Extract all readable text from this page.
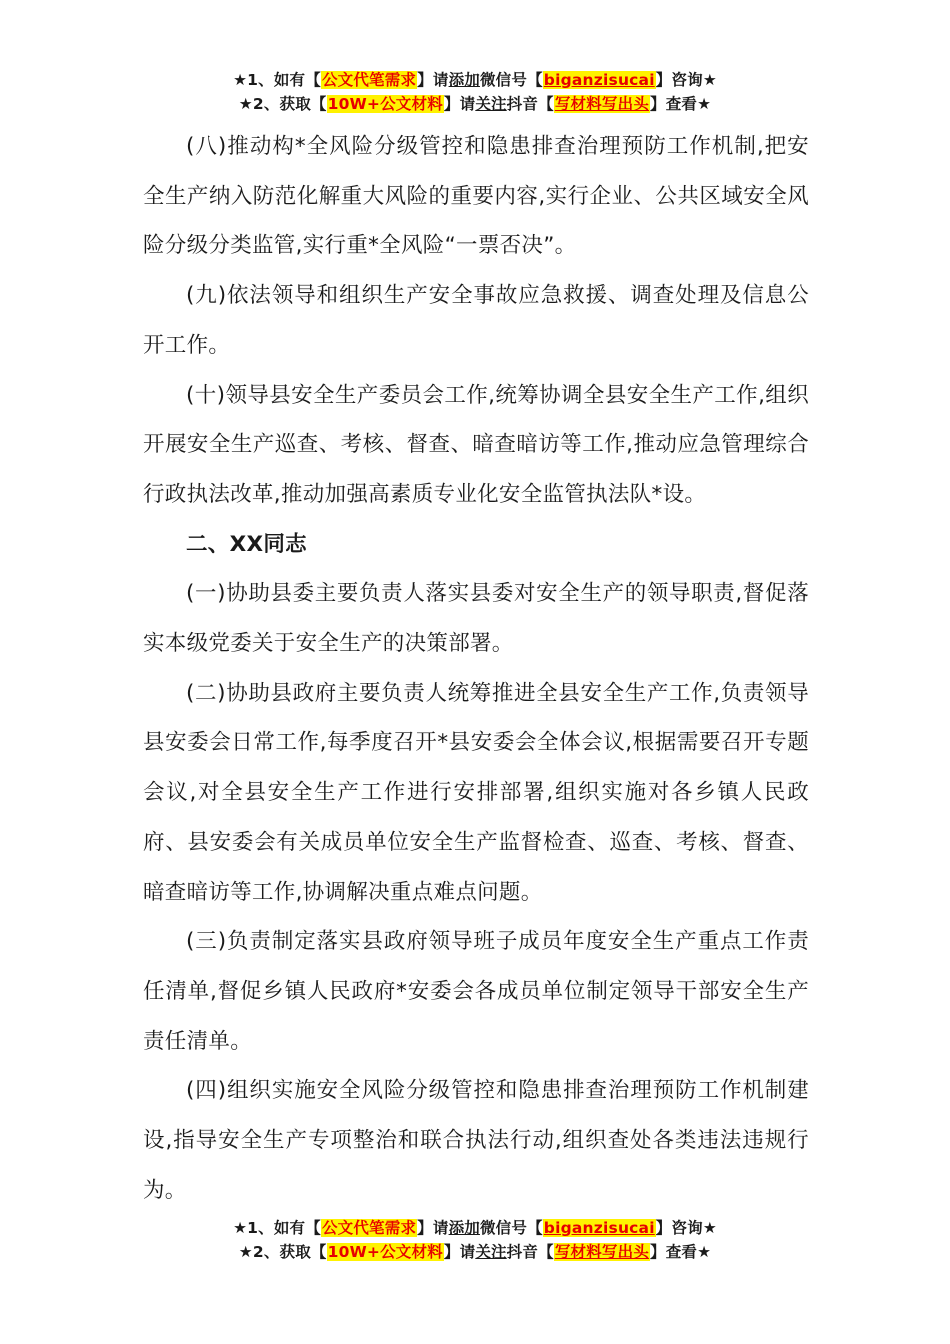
★1、如有【公文代笔需求】请添加微信号【biganzisucai】咨询★
★2、获取【10W+公文材料】请关注抖音【写材料写出头】查看★

(八)推动构*全风险分级管控和隐患排查治理预防工作机制,把安全生产纳入防范化解重大风险的重要内容,实行企业、公共区域安全风险分级分类监管,实行重*全风险“一票否决”。

(九)依法领导和组织生产安全事故应急救援、调查处理及信息公开工作。

(十)领导县安全生产委员会工作,统筹协调全县安全生产工作,组织开展安全生产巡查、考核、督查、暗查暗访等工作,推动应急管理综合行政执法改革,推动加强高素质专业化安全监管执法队*设。

二、XX同志

(一)协助县委主要负责人落实县委对安全生产的领导职责,督促落实本级党委关于安全生产的决策部署。

(二)协助县政府主要负责人统筹推进全县安全生产工作,负责领导县安委会日常工作,每季度召开*县安委会全体会议,根据需要召开专题会议,对全县安全生产工作进行安排部署,组织实施对各乡镇人民政府、县安委会有关成员单位安全生产监督检查、巡查、考核、督查、暗查暗访等工作,协调解决重点难点问题。

(三)负责制定落实县政府领导班子成员年度安全生产重点工作责任清单,督促乡镇人民政府*安委会各成员单位制定领导干部安全生产责任清单。

(四)组织实施安全风险分级管控和隐患排查治理预防工作机制建设,指导安全生产专项整治和联合执法行动,组织查处各类违法违规行为。

★1、如有【公文代笔需求】请添加微信号【biganzisucai】咨询★
★2、获取【10W+公文材料】请关注抖音【写材料写出头】查看★
